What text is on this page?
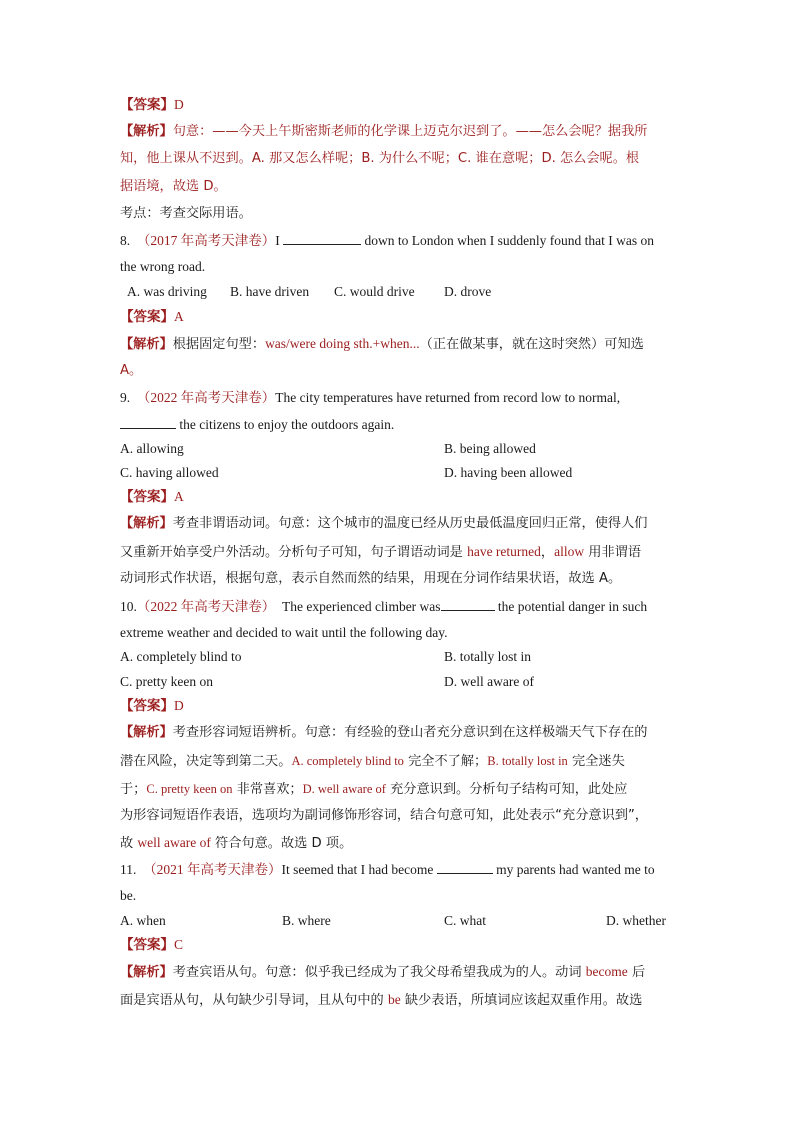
【答案】D
【解析】句意：——今天上午斯密斯老师的化学课上迈克尔迟到了。——怎么会呢？据我所
知，他上课从不迟到。A. 那又怎么样呢；B. 为什么不呢；C. 谁在意呢；D. 怎么会呢。根
据语境，故选 D。
考点：考查交际用语。
8. （2017 年高考天津卷）I	down to London when I suddenly found that I was on
the wrong road.
A. was driving B. have driven C. would drive D. drove
【答案】A
【解析】根据固定句型：was/were doing sth.+when...（正在做某事，就在这时突然）可知选
A。
9. （2022 年高考天津卷）The city temperatures have returned from record low to normal,
the citizens to enjoy the outdoors again.
A. allowing	B. being allowed
C. having allowed	D. having been allowed
【答案】A
【解析】考查非谓语动词。句意：这个城市的温度已经从历史最低温度回归正常，使得人们
又重新开始享受户外活动。分析句子可知，句子谓语动词是 have returned，allow 用非谓语
动词形式作状语，根据句意，表示自然而然的结果，用现在分词作结果状语，故选 A。
10.（2022 年高考天津卷） The experienced climber was	the potential danger in such
extreme weather and decided to wait until the following day.
A. completely blind to	B. totally lost in
C. pretty keen on	D. well aware of
【答案】D
【解析】考查形容词短语辨析。句意：有经验的登山者充分意识到在这样极端天气下存在的
潜在风险，决定等到第二天。A. completely blind to 完全不了解；B. totally lost in 完全迷失
于；C. pretty keen on 非常喜欢；D. well aware of 充分意识到。分析句子结构可知，此处应
为形容词短语作表语，选项均为副词修饰形容词，结合句意可知，此处表示“充分意识到”，
故 well aware of 符合句意。故选 D 项。
11. （2021 年高考天津卷）It seemed that I had become	my parents had wanted me to
be.
A. when	B. where	C. what	D. whether
【答案】C
【解析】考查宾语从句。句意：似乎我已经成为了我父母希望我成为的人。动词 become 后
面是宾语从句，从句缺少引导词，且从句中的 be 缺少表语，所填词应该起双重作用。故选
